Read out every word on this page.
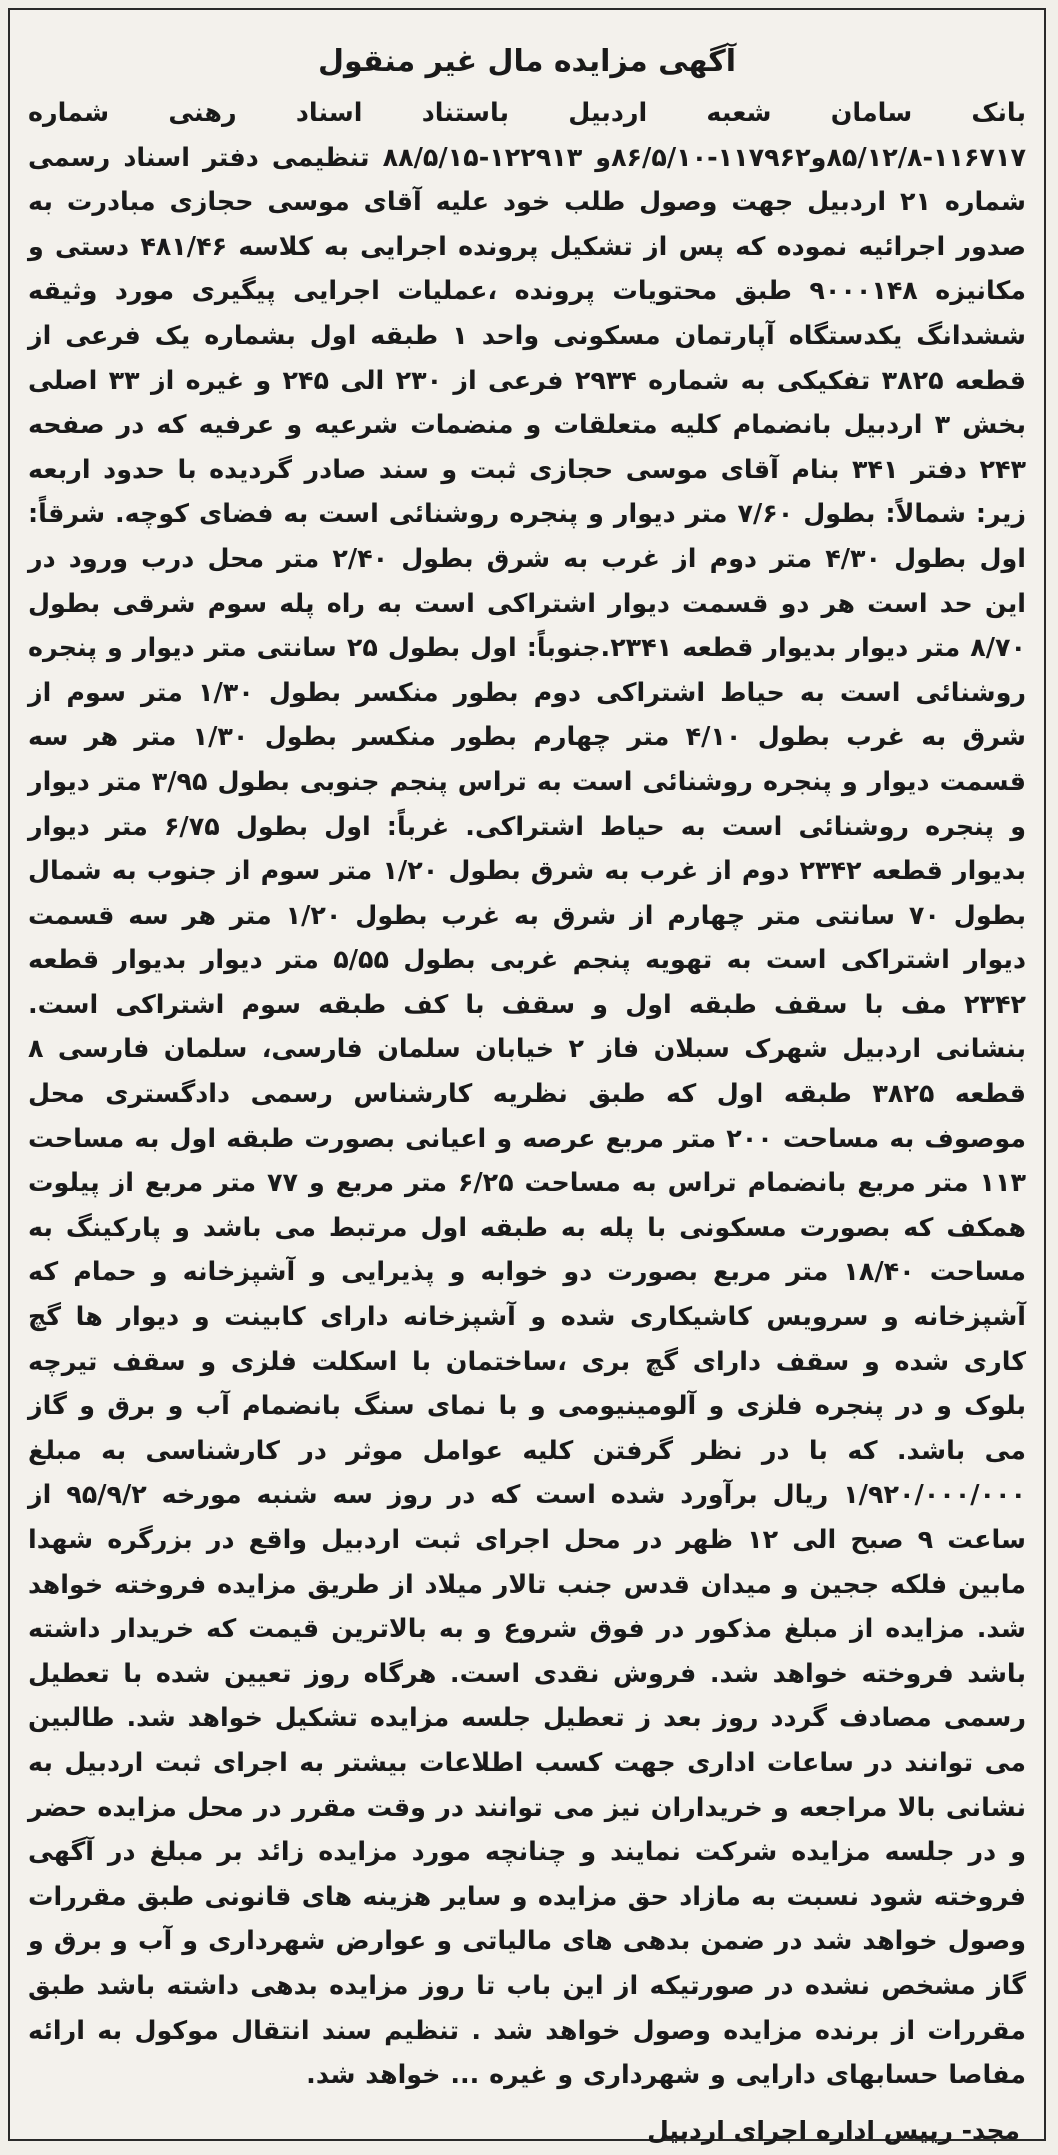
آگهی مزایده مال غیر منقول

بانک سامان شعبه اردبیل باستناد اسناد رهنی شماره ۱۱۶۷۱۷-۸۵/۱۲/۸و۱۱۷۹۶۲-۸۶/۵/۱۰و ۱۲۲۹۱۳-۸۸/۵/۱۵ تنظیمی دفتر اسناد رسمی شماره ۲۱ اردبیل جهت وصول طلب خود علیه آقای موسی حجازی مبادرت به صدور اجرائیه نموده که پس از تشکیل پرونده اجرایی به کلاسه ۴۸۱/۴۶ دستی و مکانیزه ۹۰۰۰۱۴۸ طبق محتویات پرونده ،عملیات اجرایی پیگیری مورد وثیقه ششدانگ یکدستگاه آپارتمان مسکونی واحد ۱ طبقه اول بشماره یک فرعی از قطعه ۳۸۲۵ تفکیکی به شماره ۲۹۳۴ فرعی از ۲۳۰ الی ۲۴۵ و غیره از ۳۳ اصلی بخش ۳ اردبیل بانضمام کلیه متعلقات و منضمات شرعیه و عرفیه که در صفحه ۲۴۳ دفتر ۳۴۱ بنام آقای موسی حجازی ثبت و سند صادر گردیده با حدود اربعه زیر: شمالاً: بطول ۷/۶۰ متر دیوار و پنجره روشنائی است به فضای کوچه. شرقاً: اول بطول ۴/۳۰ متر دوم از غرب به شرق بطول ۲/۴۰ متر محل درب ورود در این حد است هر دو قسمت دیوار اشتراکی است به راه پله سوم شرقی بطول ۸/۷۰ متر دیوار بدیوار قطعه ۲۳۴۱.جنوباً: اول بطول ۲۵ سانتی متر دیوار و پنجره روشنائی است به حیاط اشتراکی دوم بطور منکسر بطول ۱/۳۰ متر سوم از شرق به غرب بطول ۴/۱۰ متر چهارم بطور منکسر بطول ۱/۳۰ متر هر سه قسمت دیوار و پنجره روشنائی است به تراس پنجم جنوبی بطول ۳/۹۵ متر دیوار و پنجره روشنائی است به حیاط اشتراکی. غرباً: اول بطول ۶/۷۵ متر دیوار بدیوار قطعه ۲۳۴۲ دوم از غرب به شرق بطول ۱/۲۰ متر سوم از جنوب به شمال بطول ۷۰ سانتی متر چهارم از شرق به غرب بطول ۱/۲۰ متر هر سه قسمت دیوار اشتراکی است به تهویه پنجم غربی بطول ۵/۵۵ متر دیوار بدیوار قطعه ۲۳۴۲ مف با سقف طبقه اول و سقف با کف طبقه سوم اشتراکی است. بنشانی اردبیل شهرک سبلان فاز ۲ خیابان سلمان فارسی، سلمان فارسی ۸ قطعه ۳۸۲۵ طبقه اول که طبق نظریه کارشناس رسمی دادگستری محل موصوف به مساحت ۲۰۰ متر مربع عرصه و اعیانی بصورت طبقه اول به مساحت ۱۱۳ متر مربع بانضمام تراس به مساحت ۶/۲۵ متر مربع و ۷۷ متر مربع از پیلوت همکف که بصورت مسکونی با پله به طبقه اول مرتبط می باشد و پارکینگ به مساحت ۱۸/۴۰ متر مربع بصورت دو خوابه و پذیرایی و آشپزخانه و حمام که آشپزخانه و سرویس کاشیکاری شده و آشپزخانه دارای کابینت و دیوار ها گچ کاری شده و سقف دارای گچ بری ،ساختمان با اسکلت فلزی و سقف تیرچه بلوک و در پنجره فلزی و آلومینیومی و با نمای سنگ بانضمام آب و برق و گاز می باشد. که با در نظر گرفتن کلیه عوامل موثر در کارشناسی به مبلغ ۱/۹۲۰/۰۰۰/۰۰۰ ریال برآورد شده است که در روز سه شنبه مورخه ۹۵/۹/۲ از ساعت ۹ صبح الی ۱۲ ظهر در محل اجرای ثبت اردبیل واقع در بزرگره شهدا مابین فلکه ججین و میدان قدس جنب تالار میلاد از طریق مزایده فروخته خواهد شد. مزایده از مبلغ مذکور در فوق شروع و به بالاترین قیمت که خریدار داشته باشد فروخته خواهد شد. فروش نقدی است. هرگاه روز تعیین شده با تعطیل رسمی مصادف گردد روز بعد ز تعطیل جلسه مزایده تشکیل خواهد شد. طالبین می توانند در ساعات اداری جهت کسب اطلاعات بیشتر به اجرای ثبت اردبیل به نشانی بالا مراجعه و خریداران نیز می توانند در وقت مقرر در محل مزایده حضر و در جلسه مزایده شرکت نمایند و چنانچه مورد مزایده زائد بر مبلغ در آگهی فروخته شود نسبت به مازاد حق مزایده و سایر هزینه های قانونی طبق مقررات وصول خواهد شد در ضمن بدهی های مالیاتی و عوارض شهرداری و آب و برق و گاز مشخص نشده در صورتیکه از این باب تا روز مزایده بدهی داشته باشد طبق مقررات از برنده مزایده وصول خواهد شد . تنظیم سند انتقال موکول به ارائه مفاصا حسابهای دارایی و شهرداری و غیره ... خواهد شد.

مجد- رییس اداره اجرای اردبیل
